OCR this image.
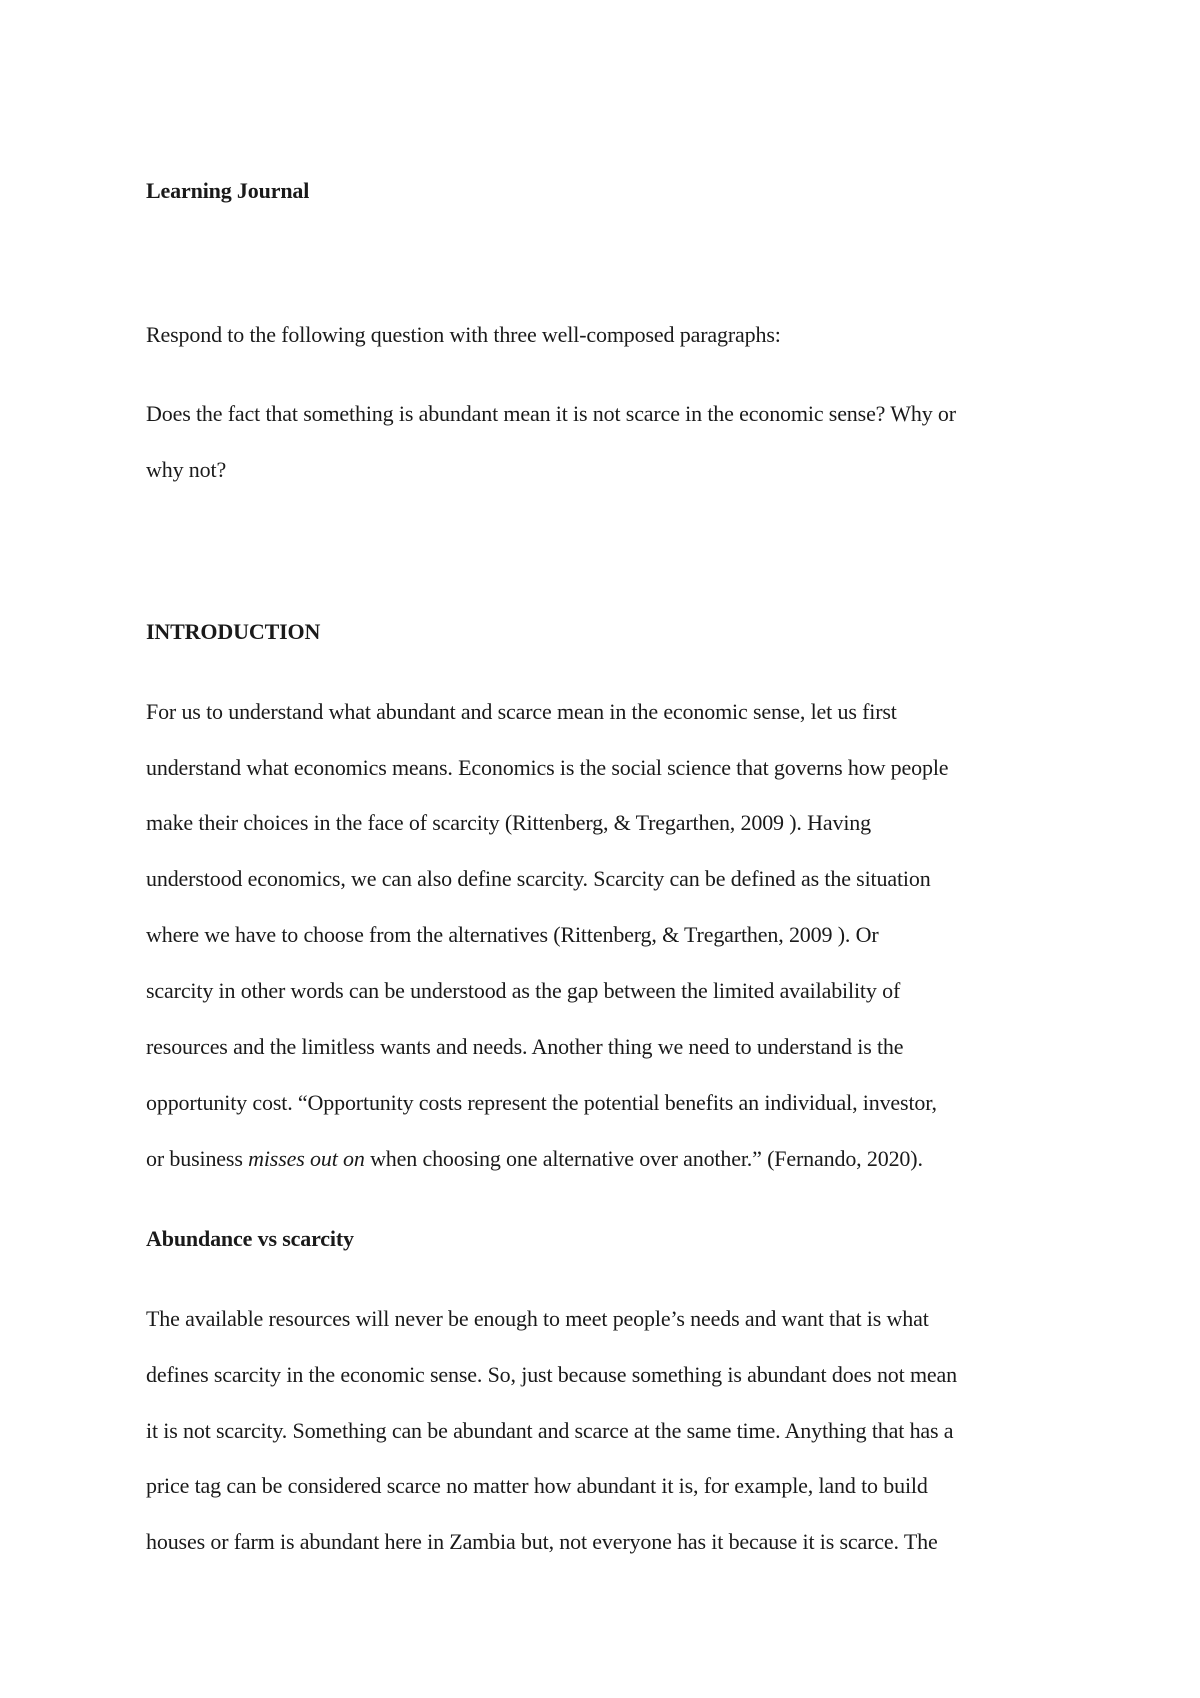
Learning Journal
Respond to the following question with three well-composed paragraphs:
Does the fact that something is abundant mean it is not scarce in the economic sense? Why or
why not?
INTRODUCTION
For us to understand what abundant and scarce mean in the economic sense, let us first
understand what economics means. Economics is the social science that governs how people
make their choices in the face of scarcity (Rittenberg, & Tregarthen, 2009 ). Having
understood economics, we can also define scarcity. Scarcity can be defined as the situation
where we have to choose from the alternatives (Rittenberg, & Tregarthen, 2009 ). Or
scarcity in other words can be understood as the gap between the limited availability of
resources and the limitless wants and needs. Another thing we need to understand is the
opportunity cost. “Opportunity costs represent the potential benefits an individual, investor,
or business misses out on when choosing one alternative over another.” (Fernando, 2020).
Abundance vs scarcity
The available resources will never be enough to meet people’s needs and want that is what
defines scarcity in the economic sense. So, just because something is abundant does not mean
it is not scarcity. Something can be abundant and scarce at the same time. Anything that has a
price tag can be considered scarce no matter how abundant it is, for example, land to build
houses or farm is abundant here in Zambia but, not everyone has it because it is scarce. The
